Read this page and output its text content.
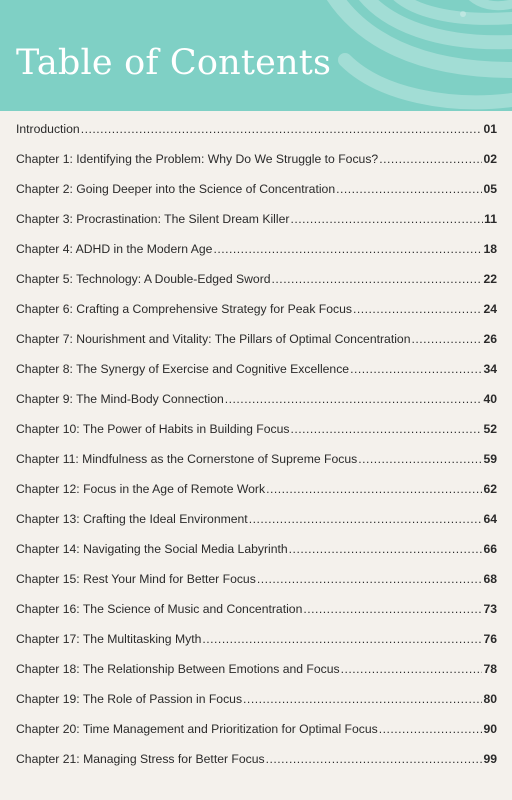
Table of Contents
Introduction .....	01
Chapter 1: Identifying the Problem: Why Do We Struggle to Focus? .....	02
Chapter 2: Going Deeper into the Science of Concentration .....	05
Chapter 3: Procrastination: The Silent Dream Killer .....	11
Chapter 4: ADHD in the Modern Age .....	18
Chapter 5: Technology: A Double-Edged Sword .....	22
Chapter 6: Crafting a Comprehensive Strategy for Peak Focus .....	24
Chapter 7: Nourishment and Vitality: The Pillars of Optimal Concentration .....	26
Chapter 8: The Synergy of Exercise and Cognitive Excellence .....	34
Chapter 9: The Mind-Body Connection .....	40
Chapter 10: The Power of Habits in Building Focus .....	52
Chapter 11: Mindfulness as the Cornerstone of Supreme Focus .....	59
Chapter 12: Focus in the Age of Remote Work .....	62
Chapter 13: Crafting the Ideal Environment .....	64
Chapter 14: Navigating the Social Media Labyrinth .....	66
Chapter 15: Rest Your Mind for Better Focus .....	68
Chapter 16: The Science of Music and Concentration .....	73
Chapter 17: The Multitasking Myth .....	76
Chapter 18: The Relationship Between Emotions and Focus .....	78
Chapter 19: The Role of Passion in Focus .....	80
Chapter 20: Time Management and Prioritization for Optimal Focus .....	90
Chapter 21: Managing Stress for Better Focus .....	99
